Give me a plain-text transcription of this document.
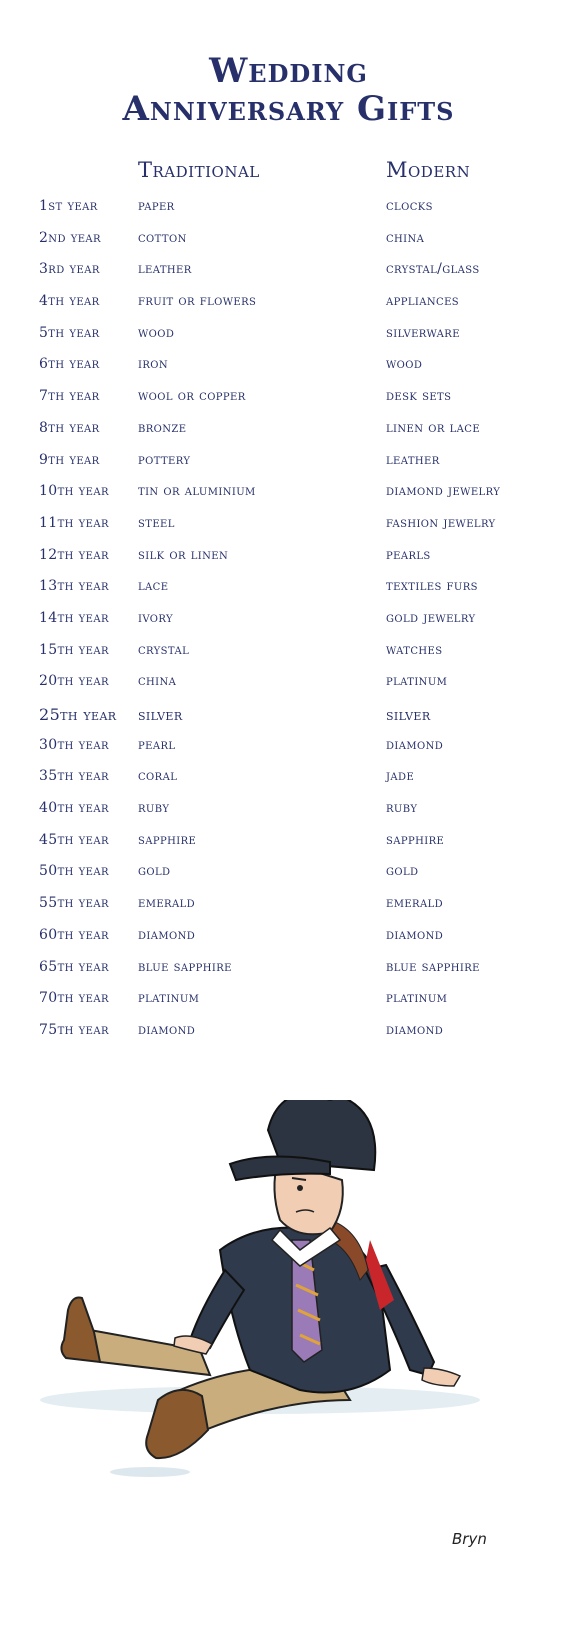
Wedding
Anniversary Gifts
Traditional	Modern
1st year	paper	clocks
2nd year	cotton	china
3rd year	leather	crystal/glass
4th year	fruit or flowers	appliances
5th year	wood	silverware
6th year	iron	wood
7th year	wool or copper	desk sets
8th year	bronze	linen or lace
9th year	pottery	leather
10th year tin or aluminium	diamond jewelry
11th year steel	fashion jewelry
12th year silk or linen	pearls
13th year lace	textiles furs
14th year ivory	gold jewelry
15th year crystal	watches
20th year china	platinum
25th year silver	silver
30th year pearl	diamond
35th year coral	jade
40th year ruby	ruby
45th year sapphire	sapphire
50th year gold	gold
55th year emerald	emerald
60th year diamond	diamond
65th year blue sapphire	blue sapphire
70th year platinum	platinum
75th year diamond	diamond
Bryn
